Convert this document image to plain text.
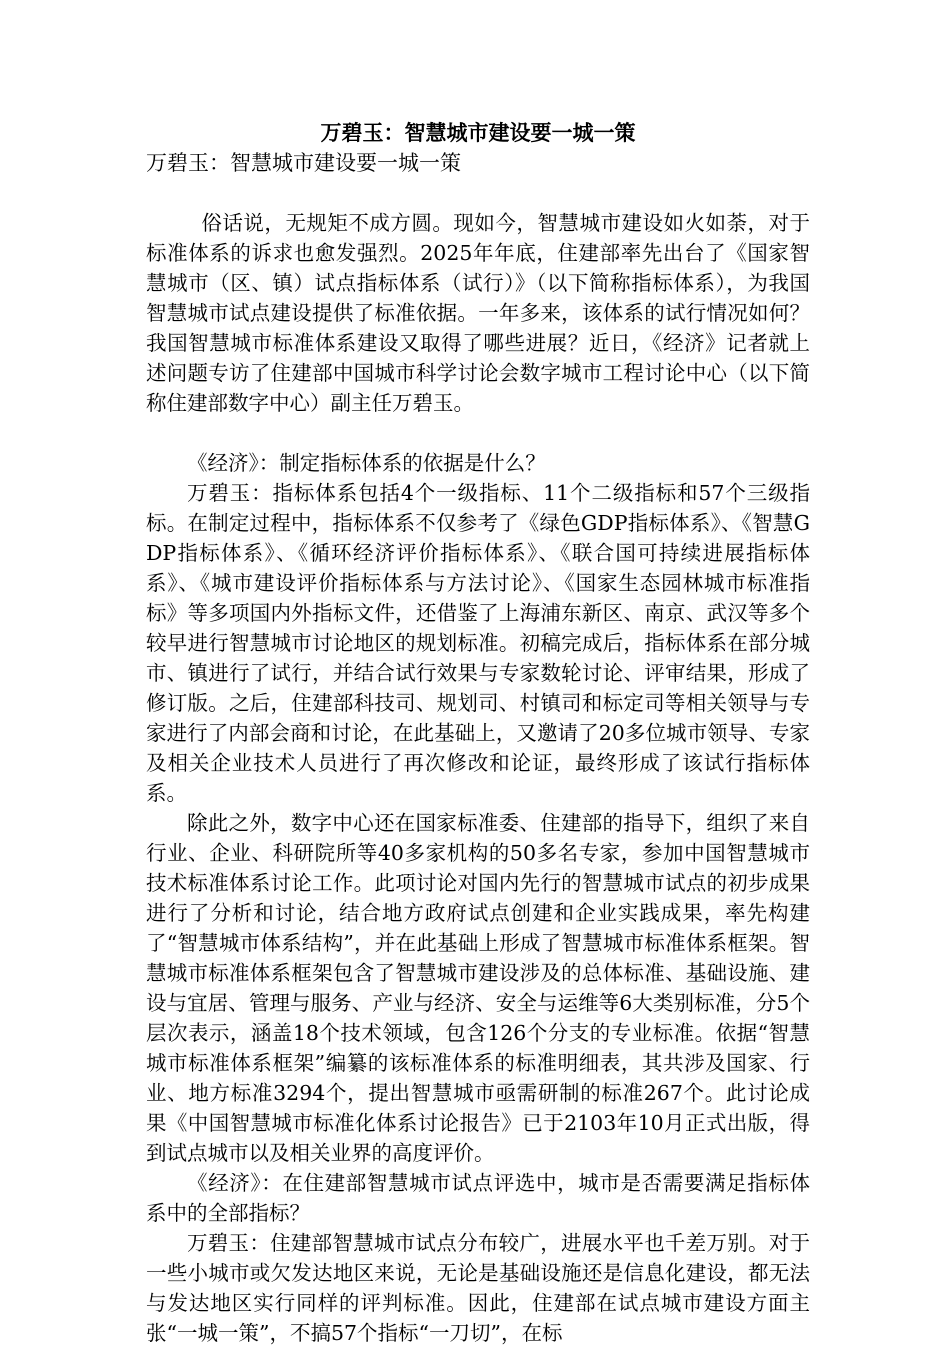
万碧玉：智慧城市建设要一城一策

万碧玉：智慧城市建设要一城一策

俗话说，无规矩不成方圆。现如今，智慧城市建设如火如荼，对于标准体系的诉求也愈发强烈。2025年年底，住建部率先出台了《国家智慧城市（区、镇）试点指标体系（试行）》（以下简称指标体系），为我国智慧城市试点建设提供了标准依据。一年多来，该体系的试行情况如何？我国智慧城市标准体系建设又取得了哪些进展？近日，《经济》记者就上述问题专访了住建部中国城市科学讨论会数字城市工程讨论中心（以下简称住建部数字中心）副主任万碧玉。

《经济》：制定指标体系的依据是什么？

万碧玉：指标体系包括4个一级指标、11个二级指标和57个三级指标。在制定过程中，指标体系不仅参考了《绿色GDP指标体系》、《智慧GDP指标体系》、《循环经济评价指标体系》、《联合国可持续进展指标体系》、《城市建设评价指标体系与方法讨论》、《国家生态园林城市标准指标》等多项国内外指标文件，还借鉴了上海浦东新区、南京、武汉等多个较早进行智慧城市讨论地区的规划标准。初稿完成后，指标体系在部分城市、镇进行了试行，并结合试行效果与专家数轮讨论、评审结果，形成了修订版。之后，住建部科技司、规划司、村镇司和标定司等相关领导与专家进行了内部会商和讨论，在此基础上，又邀请了20多位城市领导、专家及相关企业技术人员进行了再次修改和论证，最终形成了该试行指标体系。

除此之外，数字中心还在国家标准委、住建部的指导下，组织了来自行业、企业、科研院所等40多家机构的50多名专家，参加中国智慧城市技术标准体系讨论工作。此项讨论对国内先行的智慧城市试点的初步成果进行了分析和讨论，结合地方政府试点创建和企业实践成果，率先构建了“智慧城市体系结构”，并在此基础上形成了智慧城市标准体系框架。智慧城市标准体系框架包含了智慧城市建设涉及的总体标准、基础设施、建设与宜居、管理与服务、产业与经济、安全与运维等6大类别标准，分5个层次表示，涵盖18个技术领域，包含126个分支的专业标准。依据“智慧城市标准体系框架”编纂的该标准体系的标准明细表，其共涉及国家、行业、地方标准3294个，提出智慧城市亟需研制的标准267个。此讨论成果《中国智慧城市标准化体系讨论报告》已于2103年10月正式出版，得到试点城市以及相关业界的高度评价。

《经济》：在住建部智慧城市试点评选中，城市是否需要满足指标体系中的全部指标？

万碧玉：住建部智慧城市试点分布较广，进展水平也千差万别。对于一些小城市或欠发达地区来说，无论是基础设施还是信息化建设，都无法与发达地区实行同样的评判标准。因此，住建部在试点城市建设方面主张“一城一策”，不搞57个指标“一刀切”，在标
